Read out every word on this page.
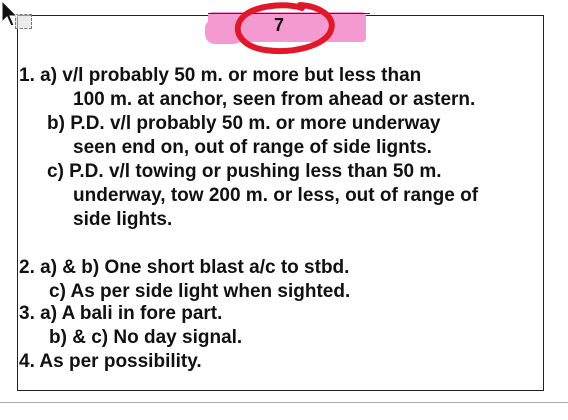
7
1. a) v/l probably 50 m. or more but less than
100 m. at anchor, seen from ahead or astern.
b) P.D. v/l probably 50 m. or more underway
seen end on, out of range of side lignts.
c) P.D. v/l towing or pushing less than 50 m.
underway, tow 200 m. or less, out of range of
side lights.
2. a) & b) One short blast a/c to stbd.
c) As per side light when sighted.
3. a) A bali in fore part.
b) & c) No day signal.
4. As per possibility.
